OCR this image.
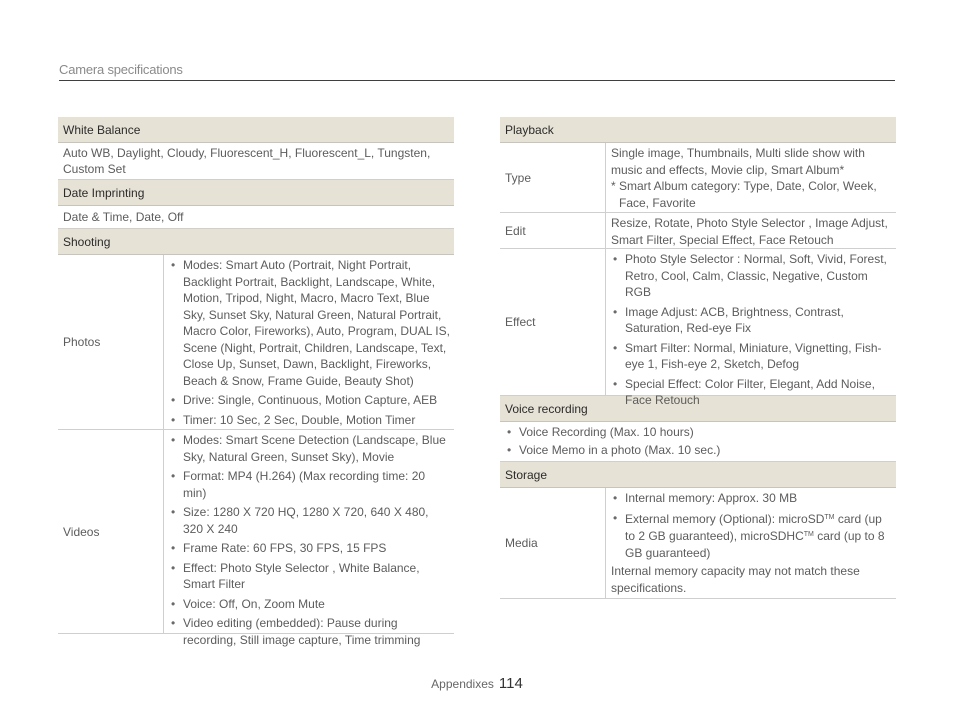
Camera specifications
White Balance
Auto WB, Daylight, Cloudy, Fluorescent_H, Fluorescent_L, Tungsten, Custom Set
Date Imprinting
Date & Time, Date, Off
Shooting
Photos
• Modes: Smart Auto (Portrait, Night Portrait, Backlight Portrait, Backlight, Landscape, White, Motion, Tripod, Night, Macro, Macro Text, Blue Sky, Sunset Sky, Natural Green, Natural Portrait, Macro Color, Fireworks), Auto, Program, DUAL IS, Scene (Night, Portrait, Children, Landscape, Text, Close Up, Sunset, Dawn, Backlight, Fireworks, Beach & Snow, Frame Guide, Beauty Shot)
• Drive: Single, Continuous, Motion Capture, AEB
• Timer: 10 Sec, 2 Sec, Double, Motion Timer
Videos
• Modes: Smart Scene Detection (Landscape, Blue Sky, Natural Green, Sunset Sky), Movie
• Format: MP4 (H.264) (Max recording time: 20 min)
• Size: 1280 X 720 HQ, 1280 X 720, 640 X 480, 320 X 240
• Frame Rate: 60 FPS, 30 FPS, 15 FPS
• Effect: Photo Style Selector , White Balance, Smart Filter
• Voice: Off, On, Zoom Mute
• Video editing (embedded): Pause during recording, Still image capture, Time trimming
Playback
Type
Single image, Thumbnails, Multi slide show with music and effects, Movie clip, Smart Album*
* Smart Album category: Type, Date, Color, Week,
Face, Favorite
Edit
Resize, Rotate, Photo Style Selector , Image Adjust, Smart Filter, Special Effect, Face Retouch
Effect
• Photo Style Selector : Normal, Soft, Vivid, Forest, Retro, Cool, Calm, Classic, Negative, Custom RGB
• Image Adjust: ACB, Brightness, Contrast, Saturation, Red-eye Fix
• Smart Filter: Normal, Miniature, Vignetting, Fish-eye 1, Fish-eye 2, Sketch, Defog
• Special Effect: Color Filter, Elegant, Add Noise, Face Retouch
Voice recording
• Voice Recording (Max. 10 hours)
• Voice Memo in a photo (Max. 10 sec.)
Storage
Media
• Internal memory: Approx. 30 MB
• External memory (Optional): microSD™ card (up to 2 GB guaranteed), microSDHC™ card (up to 8 GB guaranteed)
Internal memory capacity may not match these specifications.
Appendixes 114
